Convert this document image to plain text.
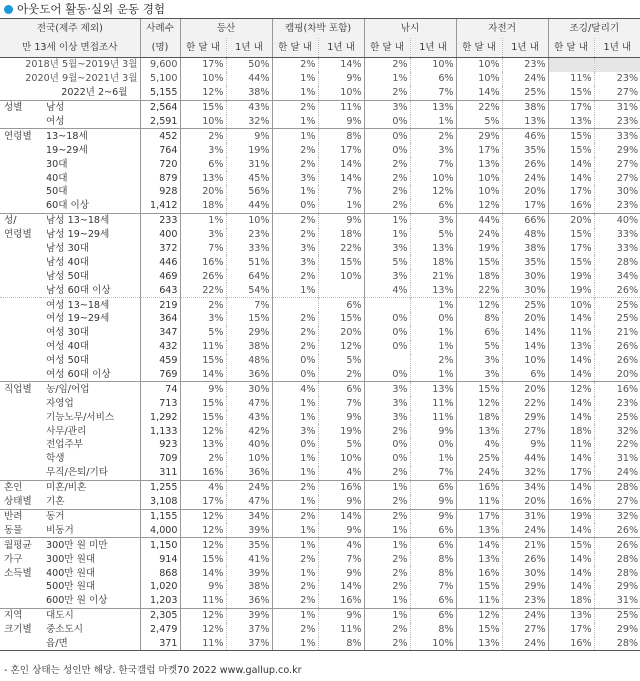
아웃도어 활동·실외 운동 경험
전국(제주 제외)		사례수	등산		캠핑(차박 포함)		낚시		자전거		조깅/달리기	
만 13세 이상 면접조사		(명)	한 달 내	1년 내	한 달 내	1년 내	한 달 내	1년 내	한 달 내	1년 내	한 달 내	1년 내
2018년 5월~2019년 3월		9,600	17%	50%	2%	14%	2%	10%	10%	23%		
2020년 9월~2021년 3월		5,100	10%	44%	1%	9%	1%	6%	10%	24%	11%	23%
2022년 2~6월		5,155	12%	38%	1%	10%	2%	7%	14%	25%	15%	27%
성별	남성	2,564	15%	43%	2%	11%	3%	13%	22%	38%	17%	31%
	여성	2,591	10%	32%	1%	9%	0%	1%	5%	13%	13%	23%
연령별	13~18세	452	2%	9%	1%	8%	0%	2%	29%	46%	15%	33%
	19~29세	764	3%	19%	2%	17%	0%	3%	17%	35%	15%	29%
	30대	720	6%	31%	2%	14%	2%	7%	13%	26%	14%	27%
	40대	879	13%	45%	3%	14%	2%	10%	10%	24%	14%	27%
	50대	928	20%	56%	1%	7%	2%	12%	10%	20%	17%	30%
	60대 이상	1,412	18%	44%	0%	1%	2%	6%	12%	17%	16%	23%
성/	남성 13~18세	233	1%	10%	2%	9%	1%	3%	44%	66%	20%	40%
연령별	남성 19~29세	400	3%	23%	2%	18%	1%	5%	24%	48%	15%	33%
	남성 30대	372	7%	33%	3%	22%	3%	13%	19%	38%	17%	33%
	남성 40대	446	16%	51%	3%	15%	5%	18%	15%	35%	15%	28%
	남성 50대	469	26%	64%	2%	10%	3%	21%	18%	30%	19%	34%
	남성 60대 이상	643	22%	54%	1%		4%	13%	22%	30%	19%	26%
	여성 13~18세	219	2%	7%		6%		1%	12%	25%	10%	25%
	여성 19~29세	364	3%	15%	2%	15%	0%	0%	8%	20%	14%	25%
	여성 30대	347	5%	29%	2%	20%	0%	1%	6%	14%	11%	21%
	여성 40대	432	11%	38%	2%	12%	0%	1%	5%	14%	13%	26%
	여성 50대	459	15%	48%	0%	5%		2%	3%	10%	14%	26%
	여성 60대 이상	769	14%	36%	0%	2%	0%	1%	3%	6%	14%	20%
직업별	농/임/어업	74	9%	30%	4%	6%	3%	13%	15%	20%	12%	16%
	자영업	713	15%	47%	1%	7%	3%	11%	12%	22%	14%	23%
	기능노무/서비스	1,292	15%	43%	1%	9%	3%	11%	18%	29%	14%	25%
	사무/관리	1,133	12%	42%	3%	19%	2%	9%	13%	27%	18%	32%
	전업주부	923	13%	40%	0%	5%	0%	0%	4%	9%	11%	22%
	학생	709	2%	10%	1%	10%	0%	1%	25%	44%	14%	31%
	무직/은퇴/기타	311	16%	36%	1%	4%	2%	7%	24%	32%	17%	24%
혼인	미혼/비혼	1,255	4%	24%	2%	16%	1%	6%	16%	34%	14%	28%
상태별	기혼	3,108	17%	47%	1%	9%	2%	9%	11%	20%	16%	27%
반려	동거	1,155	12%	34%	2%	14%	2%	9%	17%	31%	19%	32%
동물	비동거	4,000	12%	39%	1%	9%	1%	6%	13%	24%	14%	26%
월평균	300만 원 미만	1,150	12%	35%	1%	4%	1%	6%	14%	21%	15%	26%
가구	300만 원대	914	15%	41%	2%	7%	2%	8%	13%	26%	14%	28%
소득별	400만 원대	868	14%	39%	1%	9%	2%	8%	16%	30%	14%	28%
	500만 원대	1,020	9%	38%	2%	14%	2%	7%	15%	29%	14%	29%
	600만 원 이상	1,203	11%	36%	2%	16%	1%	6%	11%	23%	18%	31%
지역	대도시	2,305	12%	39%	1%	9%	1%	6%	12%	24%	13%	25%
크기별	중소도시	2,479	12%	37%	2%	11%	2%	8%	15%	27%	17%	29%
	읍/면	371	11%	37%	1%	8%	2%	10%	13%	24%	16%	28%
- 혼인 상태는 성인만 해당. 한국갤럽 마켓70 2022 www.gallup.co.kr
